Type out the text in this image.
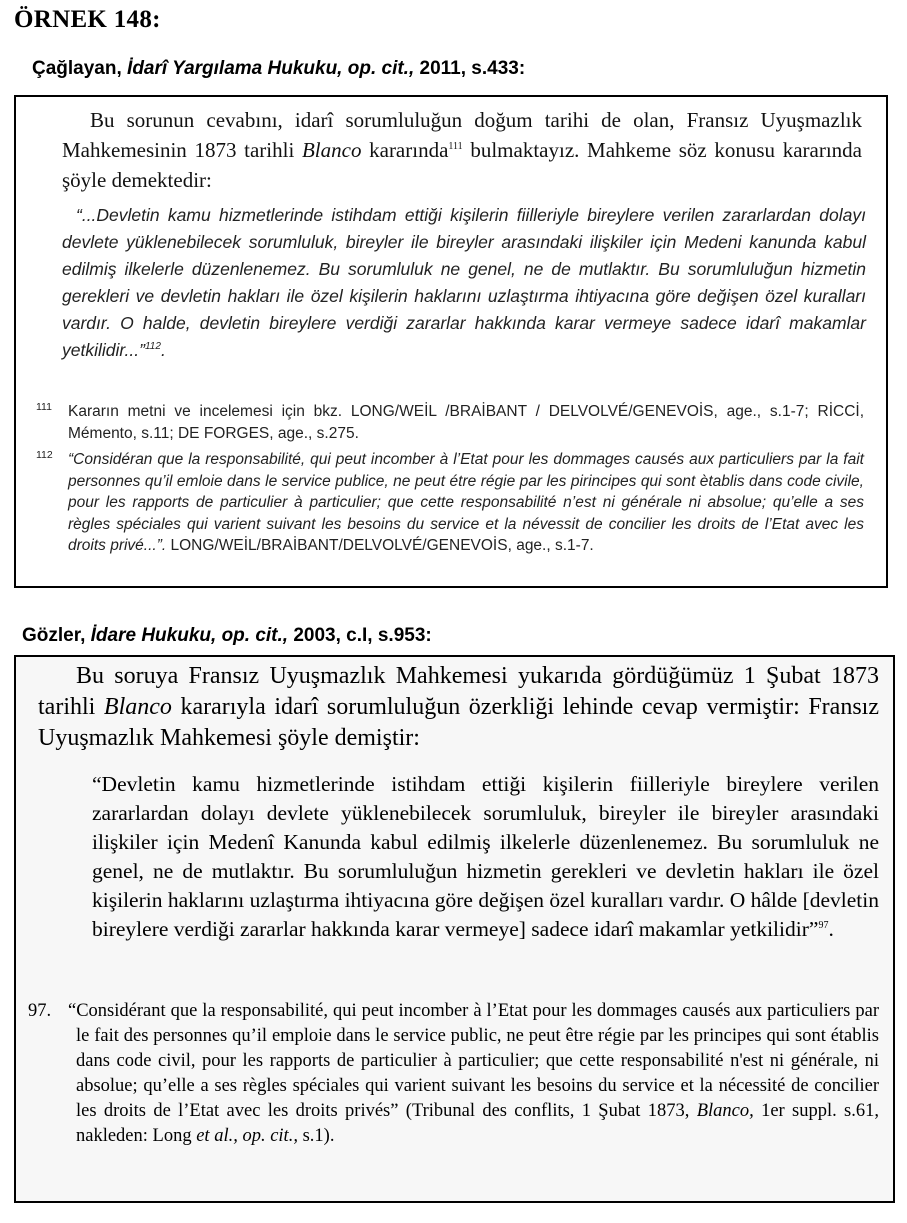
ÖRNEK 148:
Çağlayan, İdarî Yargılama Hukuku, op. cit., 2011, s.433:
Bu sorunun cevabını, idarî sorumluluğun doğum tarihi de olan, Fransız Uyuşmazlık Mahkemesinin 1873 tarihli Blanco kararında$^{111}$ bulmaktayız. Mahkeme söz konusu kararında şöyle demektedir:
“...Devletin kamu hizmetlerinde istihdam ettiği kişilerin fiilleriyle bireylere verilen zararlardan dolayı devlete yüklenebilecek sorumluluk, bireyler ile bireyler arasındaki ilişkiler için Medeni kanunda kabul edilmiş ilkelerle düzenlenemez. Bu sorumluluk ne genel, ne de mutlaktır. Bu sorumluluğun hizmetin gerekleri ve devletin hakları ile özel kişilerin haklarını uzlaştırma ihtiyacına göre değişen özel kuralları vardır. O halde, devletin bireylere verdiği zararlar hakkında karar vermeye sadece idarî makamlar yetkilidir...”$^{112}$.
111 Kararın metni ve incelemesi için bkz. LONG/WEİL /BRAİBANT / DELVOLVÉ/GENEVOİS, age., s.1-7; RİCCİ, Mémento, s.11; DE FORGES, age., s.275.
112 “Considéran que la responsabilité, qui peut incomber à l’Etat pour les dommages causés aux particuliers par la fait personnes qu’il emloie dans le service publice, ne peut étre régie par les pirincipes qui sont ètablis dans code civile, pour les rapports de particulier à particulier; que cette responsabilité n’est ni générale ni absolue; qu’elle a ses règles spéciales qui varient suivant les besoins du service et la névessit de concilier les droits de l’Etat avec les droits privé...”. LONG/WEİL/BRAİBANT/DELVOLVÉ/GENEVOİS, age., s.1-7.
Gözler, İdare Hukuku, op. cit., 2003, c.I, s.953:
Bu soruya Fransız Uyuşmazlık Mahkemesi yukarıda gördüğümüz 1 Şubat 1873 tarihli Blanco kararıyla idarî sorumluluğun özerkliği lehinde cevap vermiştir: Fransız Uyuşmazlık Mahkemesi şöyle demiştir:
“Devletin kamu hizmetlerinde istihdam ettiği kişilerin fiilleriyle bireylere verilen zararlardan dolayı devlete yüklenebilecek sorumluluk, bireyler ile bireyler arasındaki ilişkiler için Medenî Kanunda kabul edilmiş ilkelerle düzenlenemez. Bu sorumluluk ne genel, ne de mutlaktır. Bu sorumluluğun hizmetin gerekleri ve devletin hakları ile özel kişilerin haklarını uzlaştırma ihtiyacına göre değişen özel kuralları vardır. O hâlde [devletin bireylere verdiği zararlar hakkında karar vermeye] sadece idarî makamlar yetkilidir”$^{97}$.
97. “Considérant que la responsabilité, qui peut incomber à l’Etat pour les dommages causés aux particuliers par le fait des personnes qu’il emploie dans le service public, ne peut être régie par les principes qui sont établis dans code civil, pour les rapports de particulier à particulier; que cette responsabilité n'est ni générale, ni absolue; qu’elle a ses règles spéciales qui varient suivant les besoins du service et la nécessité de concilier les droits de l’Etat avec les droits privés” (Tribunal des conflits, 1 Şubat 1873, Blanco, 1er suppl. s.61, nakleden: Long et al., op. cit., s.1).
